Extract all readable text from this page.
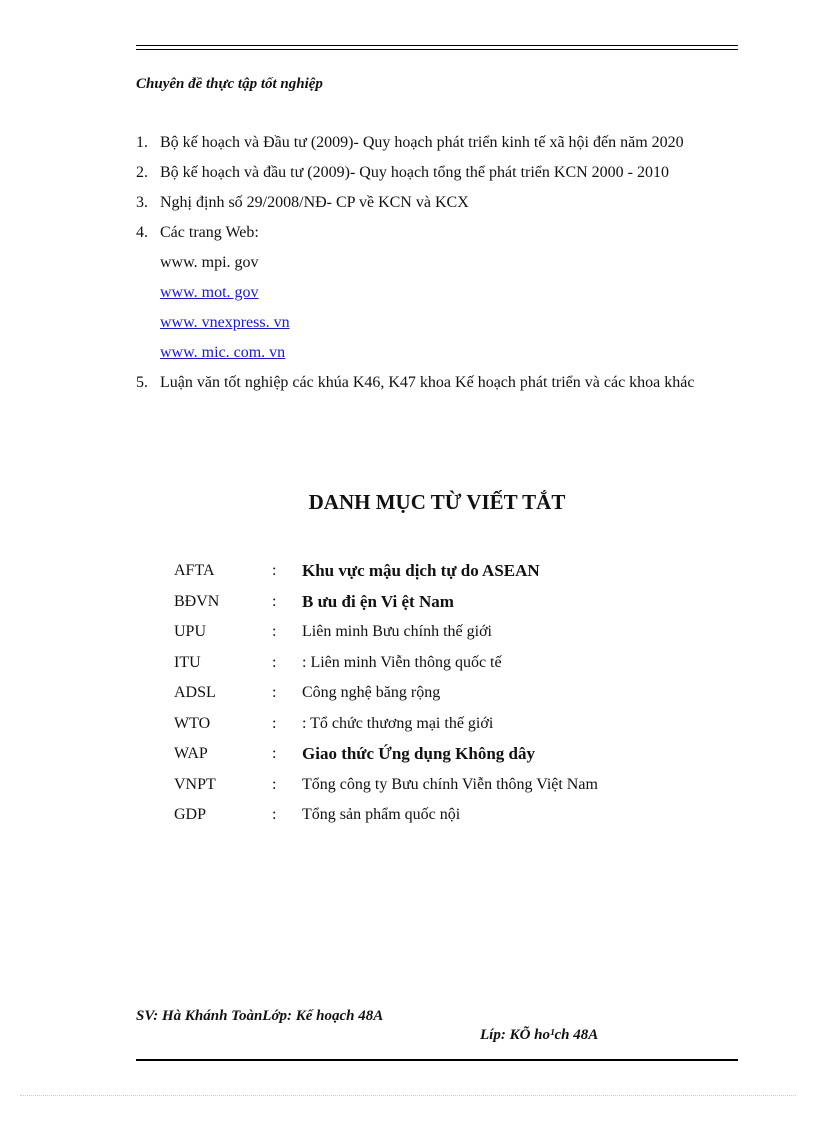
Chuyên đề thực tập tốt nghiệp
1. Bộ kế hoạch và Đầu tư (2009)- Quy hoạch phát triển kinh tế xã hội đến năm 2020
2. Bộ kế hoạch và đầu tư (2009)- Quy hoạch tổng thể phát triển KCN 2000 - 2010
3. Nghị định số 29/2008/NĐ- CP về KCN và KCX
4. Các trang Web:
www. mpi. gov
www. mot. gov
www. vnexpress. vn
www. mic. com. vn
5. Luận văn tốt nghiệp các khúa K46, K47 khoa Kế hoạch phát triển và các khoa khác
DANH MỤC TỪ VIẾT TẮT
AFTA	:	Khu vực mậu dịch tự do ASEAN
BĐVN	:	B ưu đi ện Vi ệt Nam
UPU	:	Liên minh Bưu chính thế giới
ITU	:	: Liên minh Viễn thông quốc tế
ADSL	:	Công nghệ băng rộng
WTO	:	: Tổ chức thương mại thế giới
WAP	:	Giao thức Ứng dụng Không dây
VNPT	:	Tổng công ty Bưu chính Viễn thông Việt Nam
GDP	:	Tổng sản phẩm quốc nội
SV: Hà Khánh ToànLớp: Kế hoạch 48A
Líp: KÕ ho¹ch 48A
